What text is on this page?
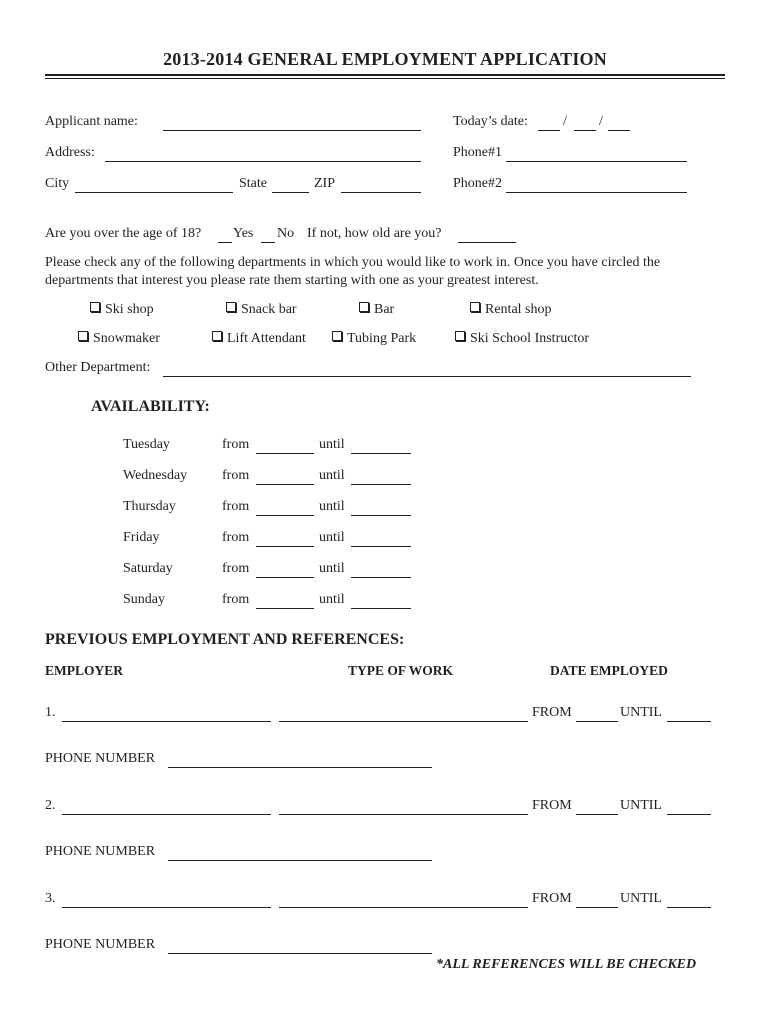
2013-2014 GENERAL EMPLOYMENT APPLICATION
Applicant name:	Today’s date:	/ /
Address:	Phone#1
City	State	ZIP	Phone#2
Are you over the age of 18? Yes No If not, how old are you?
Please check any of the following departments in which you would like to work in. Once you have circled the
departments that interest you please rate them starting with one as your greatest interest.
Ski shop	Snack bar	Bar	Rental shop
Snowmaker	Lift Attendant	Tubing Park	Ski School Instructor
Other Department:
AVAILABILITY:
Tuesday	from	until
Wednesday from	until
Thursday	from	until
Friday	from	until
Saturday	from	until
Sunday	from	until
PREVIOUS EMPLOYMENT AND REFERENCES:
EMPLOYER	TYPE OF WORK	DATE EMPLOYED
1.	FROM	UNTIL
PHONE NUMBER
2.	FROM	UNTIL
PHONE NUMBER
3.	FROM	UNTIL
PHONE NUMBER
*ALL REFERENCES WILL BE CHECKED
